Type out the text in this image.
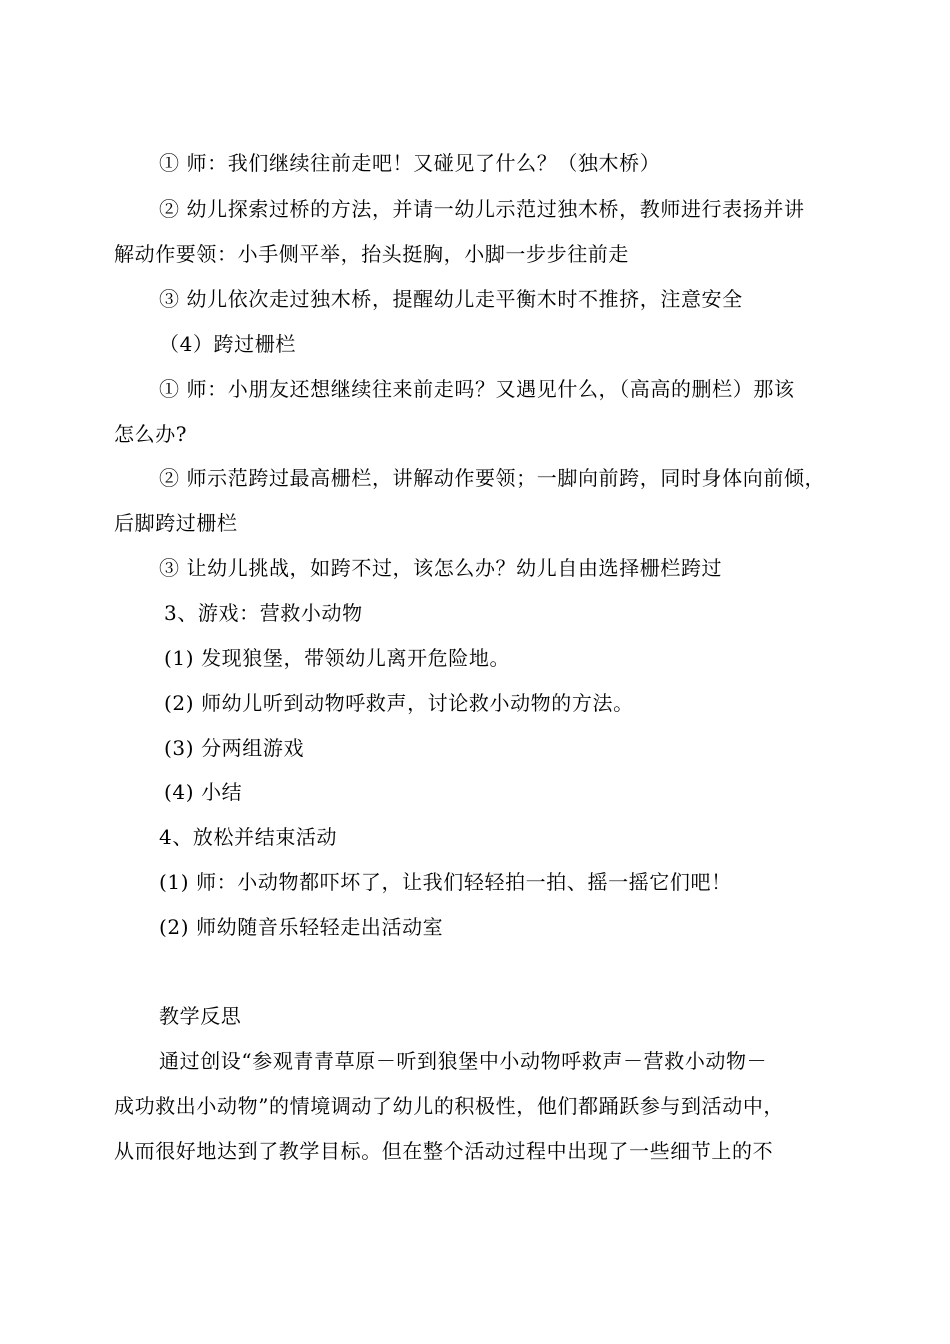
① 师：我们继续往前走吧！又碰见了什么？（独木桥）
② 幼儿探索过桥的方法，并请一幼儿示范过独木桥，教师进行表扬并讲
解动作要领：小手侧平举，抬头挺胸，小脚一步步往前走
③ 幼儿依次走过独木桥，提醒幼儿走平衡木时不推挤，注意安全
（4）跨过栅栏
① 师：小朋友还想继续往来前走吗？又遇见什么，（高高的删栏）那该
怎么办?
② 师示范跨过最高栅栏，讲解动作要领；一脚向前跨，同时身体向前倾，
后脚跨过栅栏
③ 让幼儿挑战，如跨不过，该怎么办？幼儿自由选择栅栏跨过
3、游戏：营救小动物
(1) 发现狼堡，带领幼儿离开危险地。
(2) 师幼儿听到动物呼救声，讨论救小动物的方法。
(3) 分两组游戏
(4) 小结
4、放松并结束活动
(1) 师：小动物都吓坏了，让我们轻轻拍一拍、摇一摇它们吧！
(2) 师幼随音乐轻轻走出活动室
教学反思
通过创设“参观青青草原－听到狼堡中小动物呼救声－营救小动物－
成功救出小动物”的情境调动了幼儿的积极性，他们都踊跃参与到活动中，
从而很好地达到了教学目标。但在整个活动过程中出现了一些细节上的不
